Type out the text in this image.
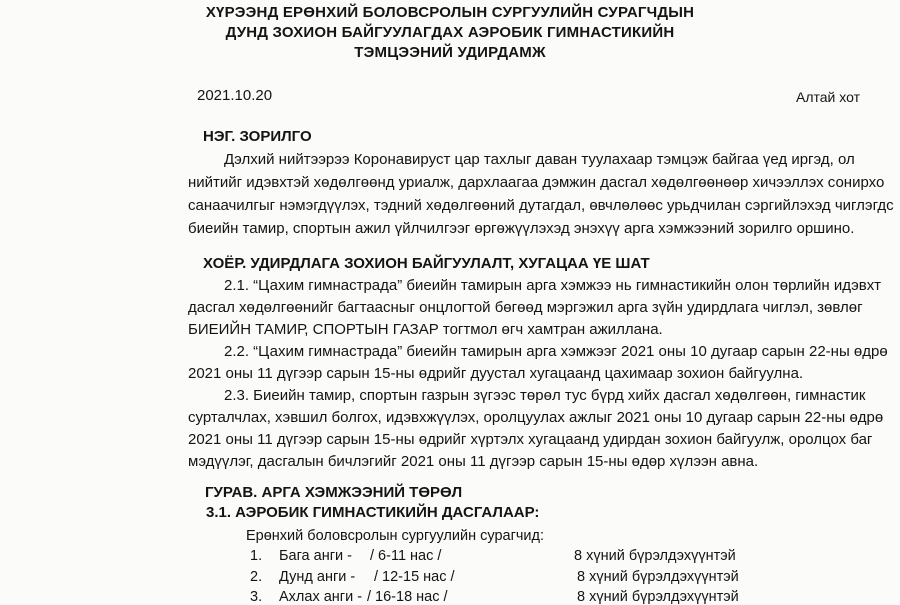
ХҮРЭЭНД ЕРӨНХИЙ БОЛОВСРОЛЫН СУРГУУЛИЙН СУРАГЧДЫН
ДУНД ЗОХИОН БАЙГУУЛАГДАХ АЭРОБИК ГИМНАСТИКИЙН
ТЭМЦЭЭНИЙ УДИРДАМЖ
2021.10.20	Алтай хот
НЭГ. ЗОРИЛГО
Дэлхий нийтээрээ Коронавируст цар тахлыг даван туулахаар тэмцэж байгаа үед иргэд, ол
нийтийг идэвхтэй хөдөлгөөнд уриалж, дархлаагаа дэмжин дасгал хөдөлгөөнөөр хичээллэх сонирхо
санаачилгыг нэмэгдүүлэх, тэдний хөдөлгөөний дутагдал, өвчлөлөөс урьдчилан сэргийлэхэд чиглэгдс
биеийн тамир, спортын ажил үйлчилгээг өргөжүүлэхэд энэхүү арга хэмжээний зорилго оршино.
ХОЁР. УДИРДЛАГА ЗОХИОН БАЙГУУЛАЛТ, ХУГАЦАА ҮЕ ШАТ
2.1. “Цахим гимнастрада” биеийн тамирын арга хэмжээ нь гимнастикийн олон төрлийн идэвхт
дасгал хөдөлгөөнийг багтаасныг онцлогтой бөгөөд мэргэжил арга зүйн удирдлага чиглэл, зөвлөг
БИЕИЙН ТАМИР, СПОРТЫН ГАЗАР тогтмол өгч хамтран ажиллана.
2.2. “Цахим гимнастрада” биеийн тамирын арга хэмжээг 2021 оны 10 дугаар сарын 22-ны өдрө
2021 оны 11 дүгээр сарын 15-ны өдрийг дуустал хугацаанд цахимаар зохион байгуулна.
2.3. Биеийн тамир, спортын газрын зүгээс төрөл тус бүрд хийх дасгал хөдөлгөөн, гимнастик
сурталчлах, хэвшил болгох, идэвхжүүлэх, оролцуулах ажлыг 2021 оны 10 дугаар сарын 22-ны өдрө
2021 оны 11 дүгээр сарын 15-ны өдрийг хүртэлх хугацаанд удирдан зохион байгуулж, оролцох баг
мэдүүлэг, дасгалын бичлэгийг 2021 оны 11 дүгээр сарын 15-ны өдөр хүлээн авна.
ГУРАВ. АРГА ХЭМЖЭЭНИЙ ТӨРӨЛ
3.1. АЭРОБИК ГИМНАСТИКИЙН ДАСГАЛААР:
Ерөнхий боловсролын сургуулийн сурагчид:
1. Бага анги - / 6-11 нас /	8 хүний бүрэлдэхүүнтэй
2. Дунд анги - / 12-15 нас /	8 хүний бүрэлдэхүүнтэй
3. Ахлах анги - / 16-18 нас /	8 хүний бүрэлдэхүүнтэй
